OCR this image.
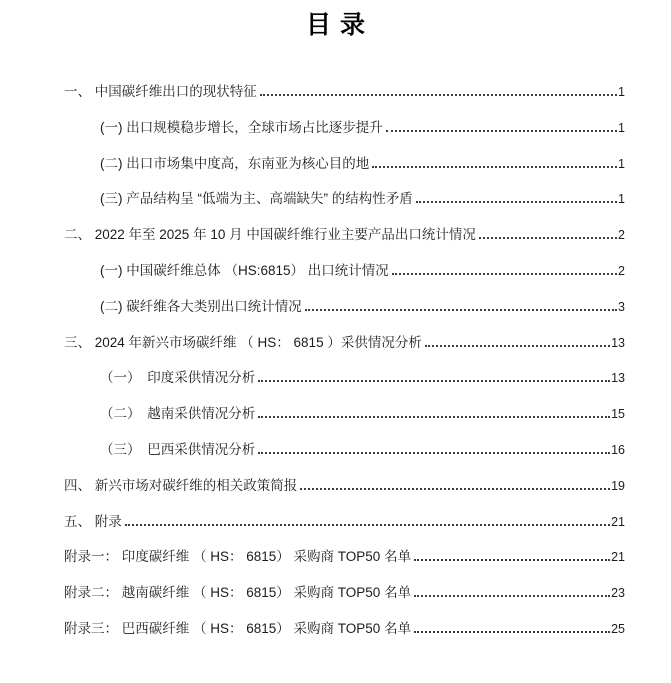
目录
一、 中国碳纤维出口的现状特征	1
(一) 出口规模稳步增长，全球市场占比逐步提升	1
(二) 出口市场集中度高，东南亚为核心目的地	1
(三) 产品结构呈 “低端为主、高端缺失” 的结构性矛盾	1
二、 2022 年至 2025 年 10 月 中国碳纤维行业主要产品出口统计情况	2
(一) 中国碳纤维总体 （HS:6815） 出口统计情况	2
(二) 碳纤维各大类别出口统计情况	3
三、 2024 年新兴市场碳纤维 （ HS： 6815 ）采供情况分析	13
（一）　印度采供情况分析	13
（二）　越南采供情况分析	15
（三）　巴西采供情况分析	16
四、 新兴市场对碳纤维的相关政策简报	19
五、 附录	21
附录一： 印度碳纤维 （ HS： 6815） 采购商 TOP50 名单	21
附录二： 越南碳纤维 （ HS： 6815） 采购商 TOP50 名单	23
附录三： 巴西碳纤维 （ HS： 6815） 采购商 TOP50 名单	25
